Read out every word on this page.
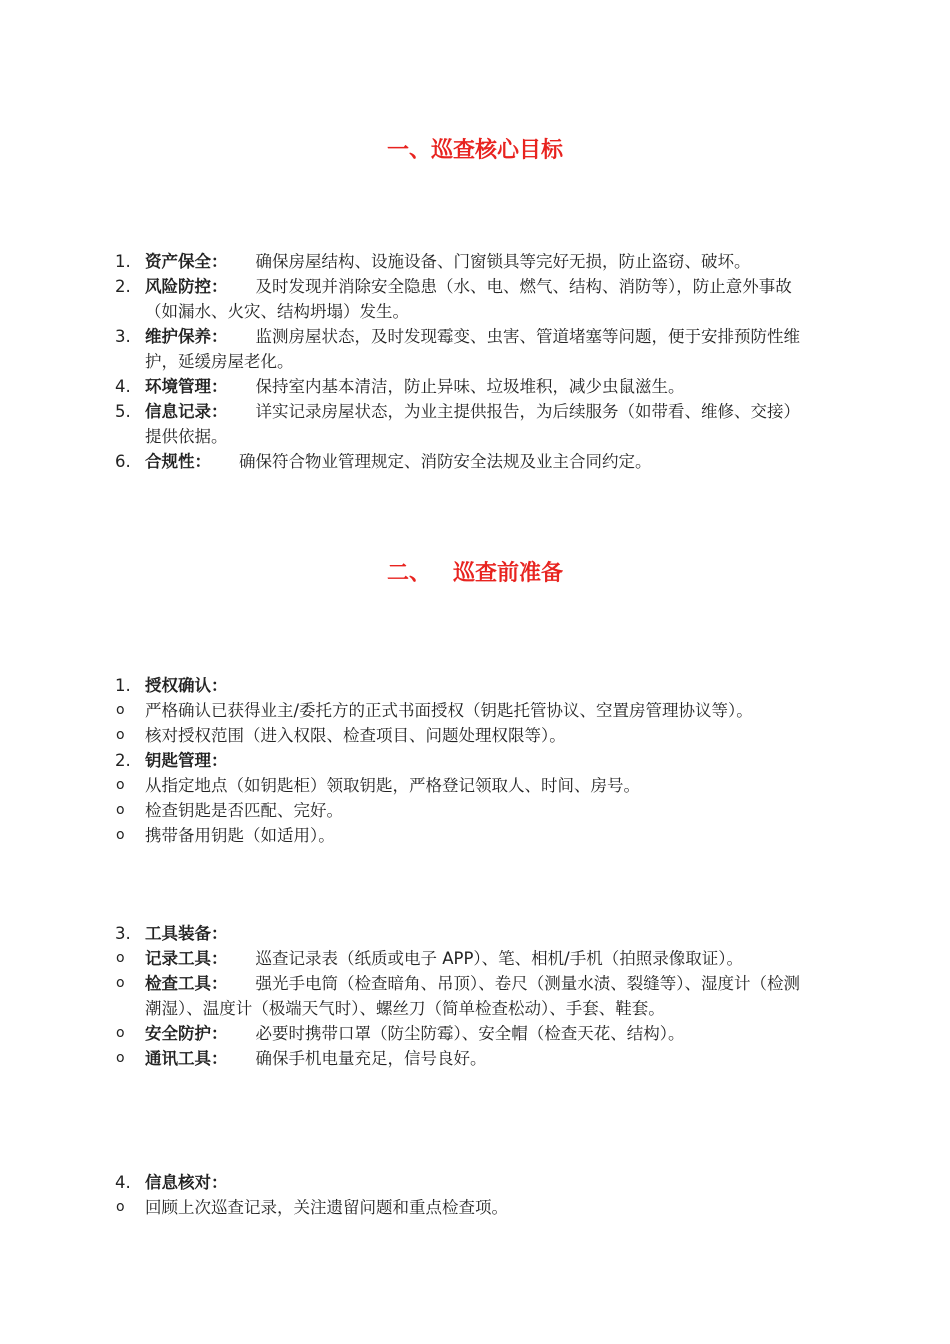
一、巡查核心目标
1. 资产保全： 确保房屋结构、设施设备、门窗锁具等完好无损，防止盗窃、破坏。
2. 风险防控： 及时发现并消除安全隐患（水、电、燃气、结构、消防等），防止意外事故（如漏水、火灾、结构坍塌）发生。
3. 维护保养： 监测房屋状态，及时发现霉变、虫害、管道堵塞等问题，便于安排预防性维护，延缓房屋老化。
4. 环境管理： 保持室内基本清洁，防止异味、垃圾堆积，减少虫鼠滋生。
5. 信息记录： 详实记录房屋状态，为业主提供报告，为后续服务（如带看、维修、交接）提供依据。
6. 合规性： 确保符合物业管理规定、消防安全法规及业主合同约定。
二、 巡查前准备
1. 授权确认：
o 严格确认已获得业主/委托方的正式书面授权（钥匙托管协议、空置房管理协议等）。
o 核对授权范围（进入权限、检查项目、问题处理权限等）。
2. 钥匙管理：
o 从指定地点（如钥匙柜）领取钥匙，严格登记领取人、时间、房号。
o 检查钥匙是否匹配、完好。
o 携带备用钥匙（如适用）。
3. 工具装备：
o 记录工具： 巡查记录表（纸质或电子 APP）、笔、相机/手机（拍照录像取证）。
o 检查工具： 强光手电筒（检查暗角、吊顶）、卷尺（测量水渍、裂缝等）、湿度计（检测潮湿）、温度计（极端天气时）、螺丝刀（简单检查松动）、手套、鞋套。
o 安全防护： 必要时携带口罩（防尘防霉）、安全帽（检查天花、结构）。
o 通讯工具： 确保手机电量充足，信号良好。
4. 信息核对：
o 回顾上次巡查记录，关注遗留问题和重点检查项。
